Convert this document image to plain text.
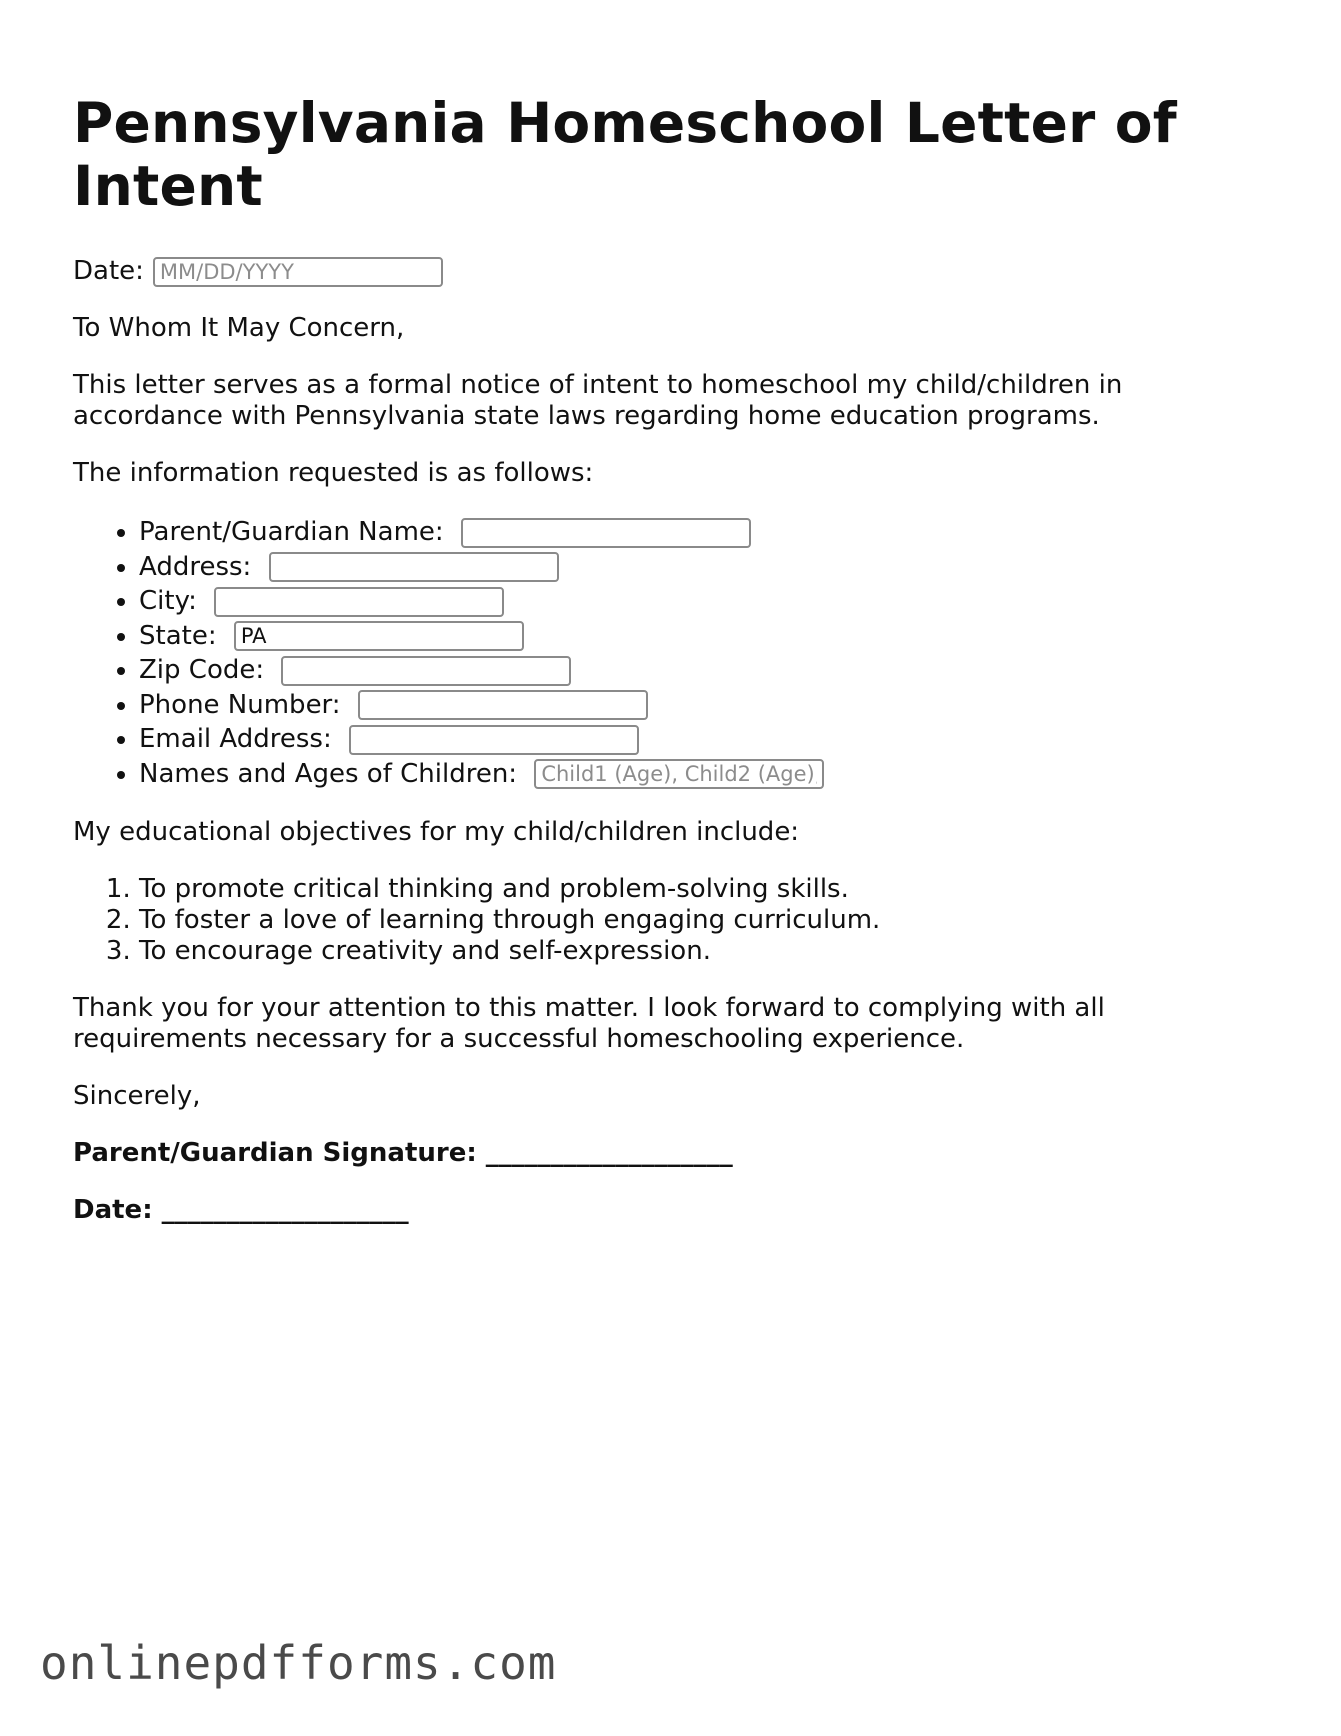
Pennsylvania Homeschool Letter of Intent
Date:
MM/DD/YYYY

To Whom It May Concern,

This letter serves as a formal notice of intent to homeschool my child/children in accordance with Pennsylvania state laws regarding home education programs.

The information requested is as follows:

• Parent/Guardian Name:
• Address:
• City:
• State: PA
• Zip Code:
• Phone Number:
• Email Address:
• Names and Ages of Children: Child1 (Age), Child2 (Age), ...

My educational objectives for my child/children include:

1. To promote critical thinking and problem-solving skills.
2. To foster a love of learning through engaging curriculum.
3. To encourage creativity and self-expression.

Thank you for your attention to this matter. I look forward to complying with all requirements necessary for a successful homeschooling experience.

Sincerely,

Parent/Guardian Signature: ___________________

Date: ___________________

onlinepdfforms.com
